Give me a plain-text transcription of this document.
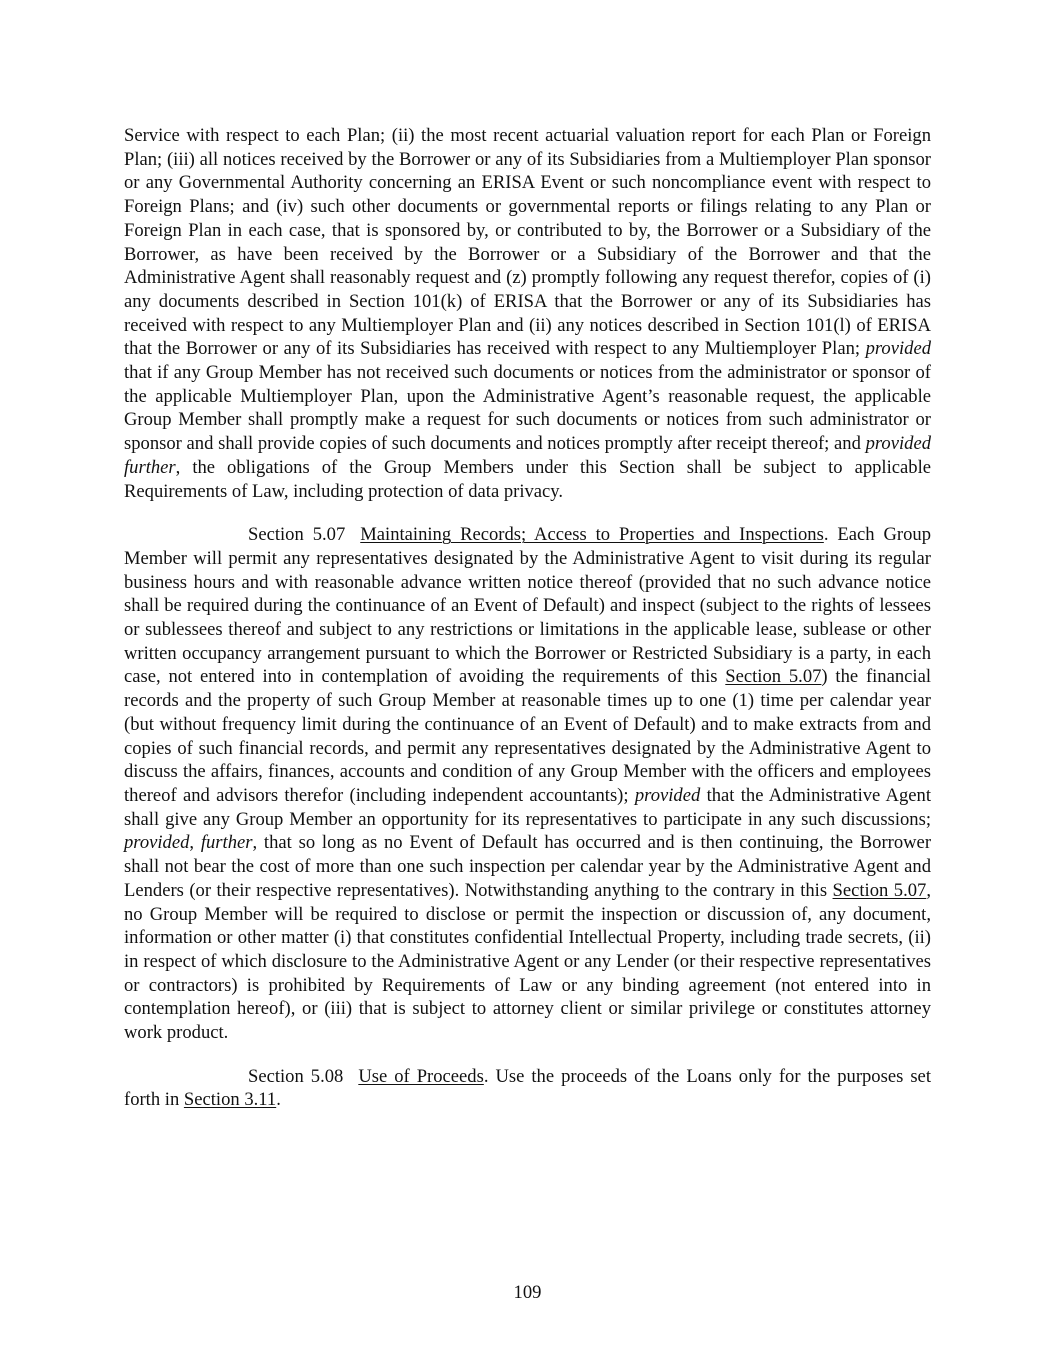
Service with respect to each Plan; (ii) the most recent actuarial valuation report for each Plan or Foreign Plan; (iii) all notices received by the Borrower or any of its Subsidiaries from a Multiemployer Plan sponsor or any Governmental Authority concerning an ERISA Event or such noncompliance event with respect to Foreign Plans; and (iv) such other documents or governmental reports or filings relating to any Plan or Foreign Plan in each case, that is sponsored by, or contributed to by, the Borrower or a Subsidiary of the Borrower, as have been received by the Borrower or a Subsidiary of the Borrower and that the Administrative Agent shall reasonably request and (z) promptly following any request therefor, copies of (i) any documents described in Section 101(k) of ERISA that the Borrower or any of its Subsidiaries has received with respect to any Multiemployer Plan and (ii) any notices described in Section 101(l) of ERISA that the Borrower or any of its Subsidiaries has received with respect to any Multiemployer Plan; provided that if any Group Member has not received such documents or notices from the administrator or sponsor of the applicable Multiemployer Plan, upon the Administrative Agent’s reasonable request, the applicable Group Member shall promptly make a request for such documents or notices from such administrator or sponsor and shall provide copies of such documents and notices promptly after receipt thereof; and provided further, the obligations of the Group Members under this Section shall be subject to applicable Requirements of Law, including protection of data privacy.

Section 5.07 Maintaining Records; Access to Properties and Inspections. Each Group Member will permit any representatives designated by the Administrative Agent to visit during its regular business hours and with reasonable advance written notice thereof (provided that no such advance notice shall be required during the continuance of an Event of Default) and inspect (subject to the rights of lessees or sublessees thereof and subject to any restrictions or limitations in the applicable lease, sublease or other written occupancy arrangement pursuant to which the Borrower or Restricted Subsidiary is a party, in each case, not entered into in contemplation of avoiding the requirements of this Section 5.07) the financial records and the property of such Group Member at reasonable times up to one (1) time per calendar year (but without frequency limit during the continuance of an Event of Default) and to make extracts from and copies of such financial records, and permit any representatives designated by the Administrative Agent to discuss the affairs, finances, accounts and condition of any Group Member with the officers and employees thereof and advisors therefor (including independent accountants); provided that the Administrative Agent shall give any Group Member an opportunity for its representatives to participate in any such discussions; provided, further, that so long as no Event of Default has occurred and is then continuing, the Borrower shall not bear the cost of more than one such inspection per calendar year by the Administrative Agent and Lenders (or their respective representatives). Notwithstanding anything to the contrary in this Section 5.07, no Group Member will be required to disclose or permit the inspection or discussion of, any document, information or other matter (i) that constitutes confidential Intellectual Property, including trade secrets, (ii) in respect of which disclosure to the Administrative Agent or any Lender (or their respective representatives or contractors) is prohibited by Requirements of Law or any binding agreement (not entered into in contemplation hereof), or (iii) that is subject to attorney client or similar privilege or constitutes attorney work product.

Section 5.08 Use of Proceeds. Use the proceeds of the Loans only for the purposes set forth in Section 3.11.

109
